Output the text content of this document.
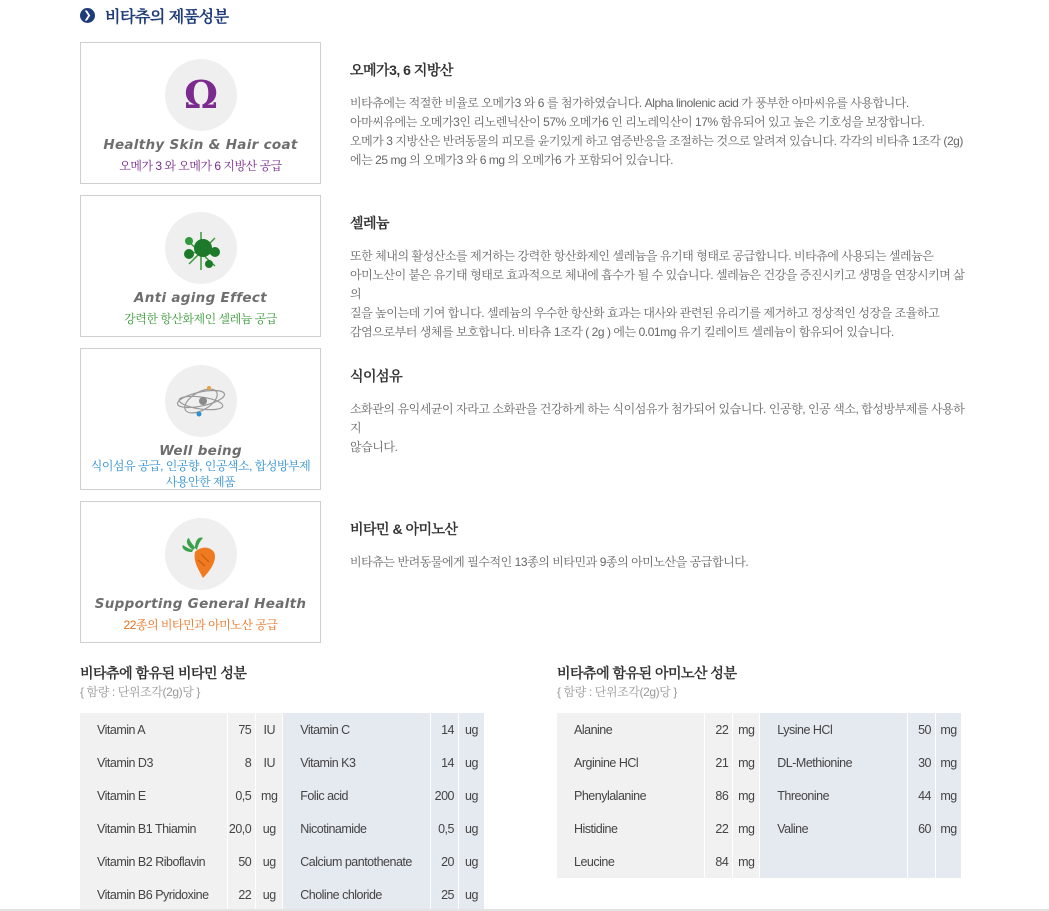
❯ 비타츄의 제품성분
Ω
Healthy Skin & Hair coat
오메가 3 와 오메가 6 지방산 공급
Anti aging Effect
강력한 항산화제인 셀레늄 공급
Well being
식이섬유 공급, 인공향, 인공색소, 합성방부제
사용안한 제품
Supporting General Health
22종의 비타민과 아미노산 공급
오메가3, 6 지방산
비타츄에는 적절한 비율로 오메가3 와 6 를 첨가하였습니다. Alpha linolenic acid 가 풍부한 아마씨유를 사용합니다.
아마씨유에는 오메가3인 리노렌닉산이 57% 오메가6 인 리노레익산이 17% 함유되어 있고 높은 기호성을 보장합니다.
오메가 3 지방산은 반려동물의 피모를 윤기있게 하고 염증반응을 조절하는 것으로 알려져 있습니다. 각각의 비타츄 1조각 (2g)
에는 25 mg 의 오메가3 와 6 mg 의 오메가6 가 포함되어 있습니다.
셀레늄
또한 체내의 활성산소를 제거하는 강력한 항산화제인 셀레늄을 유기태 형태로 공급합니다. 비타츄에 사용되는 셀레늄은
아미노산이 붙은 유기태 형태로 효과적으로 체내에 흡수가 될 수 있습니다. 셀레늄은 건강을 증진시키고 생명을 연장시키며 삶의
질을 높이는데 기여 합니다. 셀레늄의 우수한 항산화 효과는 대사와 관련된 유리기를 제거하고 정상적인 성장을 조율하고
감염으로부터 생체를 보호합니다. 비타츄 1조각 ( 2g ) 에는 0.01mg 유기 킬레이트 셀레늄이 함유되어 있습니다.
식이섬유
소화관의 유익세균이 자라고 소화관을 건강하게 하는 식이섬유가 첨가되어 있습니다. 인공향, 인공 색소, 합성방부제를 사용하지
않습니다.
비타민 & 아미노산
비타츄는 반려동물에게 필수적인 13종의 비타민과 9종의 아미노산을 공급합니다.
비타츄에 함유된 비타민 성분
{ 함량 : 단위조각(2g)당 }
Vitamin A	75	IU	Vitamin C	14	ug
Vitamin D3	8	IU	Vitamin K3	14	ug
Vitamin E	0,5	mg	Folic acid	200	ug
Vitamin B1 Thiamin	20,0	ug	Nicotinamide	0,5	ug
Vitamin B2 Riboflavin	50	ug	Calcium pantothenate	20	ug
Vitamin B6 Pyridoxine	22	ug	Choline chloride	25	ug
비타츄에 함유된 아미노산 성분
{ 함량 : 단위조각(2g)당 }
Alanine	22	mg	Lysine HCl	50	mg
Arginine HCl	21	mg	DL-Methionine	30	mg
Phenylalanine	86	mg	Threonine	44	mg
Histidine	22	mg	Valine	60	mg
Leucine	84	mg			
